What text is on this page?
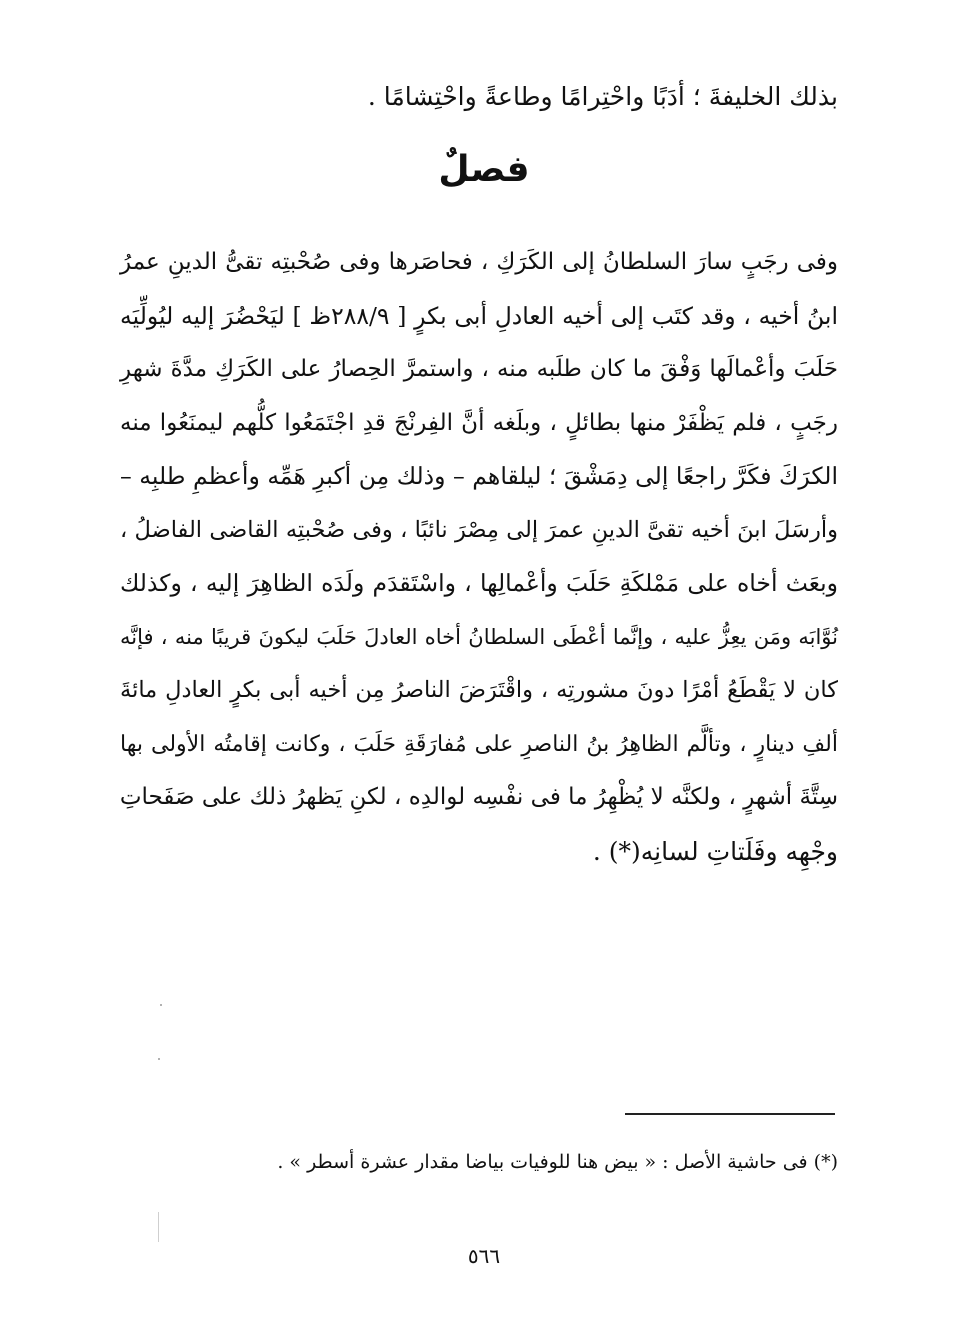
بذلك الخليفةَ ؛ أدَبًا واحْتِرامًا وطاعةً واحْتِشامًا .
فصلٌ
وفى رجَبٍ سارَ السلطانُ إلى الكَرَكِ ، فحاصَرها وفى صُحْبتِه تقىُّ الدينِ عمرُ
ابنُ أخيه ، وقد كتَب إلى أخيه العادلِ أبى بكرٍ [ ٢٨٨/٩ظ ] ليَحْضُرَ إليه ليُولِّيَه
حَلَبَ وأعْمالَها وَفْقَ ما كان طلَبه منه ، واستمرَّ الحِصارُ على الكَرَكِ مدَّةَ شهرِ
رجَبٍ ، فلم يَظْفَرْ منها بطائلٍ ، وبلَغه أنَّ الفِرنْجَ قدِ اجْتَمَعُوا كلُّهم ليمنَعُوا منه
الكرَكَ فكَرَّ راجعًا إلى دِمَشْقَ ؛ ليلقاهم – وذلك مِن أكبرِ هَمِّه وأعظمِ طلبِه –
وأرسَلَ ابنَ أخيه تقىَّ الدينِ عمرَ إلى مِصْرَ نائبًا ، وفى صُحْبتِه القاضى الفاضلُ ،
وبعَث أخاه على مَمْلكَةِ حَلَبَ وأعْمالِها ، واسْتَقدَم ولَدَه الظاهِرَ إليه ، وكذلك
نُوَّابَه ومَن يعِزُّ عليه ، وإنَّما أعْطَى السلطانُ أخاه العادلَ حَلَبَ ليكونَ قريبًا منه ، فإنَّه
كان لا يَقْطَعُ أمْرًا دونَ مشورتِه ، واقْتَرَضَ الناصرُ مِن أخيه أبى بكرٍ العادلِ مائةَ
ألفِ دينارٍ ، وتألَّم الظاهِرُ بنُ الناصرِ على مُفارَقَةِ حَلَبَ ، وكانت إقامتُه الأولى بها
سِتَّةَ أشهرٍ ، ولكنَّه لا يُظْهِرُ ما فى نفْسِه لوالدِه ، لكنِ يَظهرُ ذلك على صَفَحاتِ
وجْهِه وفَلَتاتِ لسانِه(*) .
(*) فى حاشية الأصل : « بيض هنا للوفيات بياضا مقدار عشرة أسطر » .
٥٦٦
